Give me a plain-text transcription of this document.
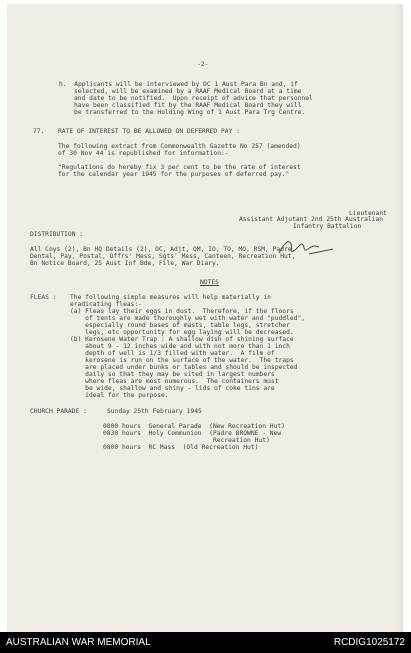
-2-
h.  Applicants will be interviewed by OC 1 Aust Para Bn and, if
selected, will be examined by a RAAF Medical Board at a time
and date to be notified.  Upon receipt of advice that personnel
have been classified fit by the RAAF Medical Board they will
be transferred to the Holding Wing of 1 Aust Para Trg Centre.
77. RATE OF INTEREST TO BE ALLOWED ON DEFERRED PAY :
The following extract from Commonwealth Gazette No 257 (amended)
of 30 Nov 44 is republished for information:-
"Regulations do hereby fix 3 per cent to be the rate of interest
for the calendar year 1945 for the purposes of deferred pay."
Lieutenant
Assistant Adjutant 2nd 25th Australian
Infantry Battalion
DISTRIBUTION :
All Coys (2), Bn HQ Details (2), OC, Adjt, QM, IO, TO, MO, RSM, Padre,
Dental, Pay, Postal, Offrs' Mess, Sgts' Mess, Canteen, Recreation Hut,
Bn Notice Board, 25 Aust Inf Bde, File, War Diary.
NOTES
FLEAS : The following simple measures will help materially in
eradicating fleas:-
(a) Fleas lay their eggs in dust.  Therefore, if the floors
of tents are made thoroughly wet with water and "puddled",
especially round bases of masts, table legs, stretcher
legs, etc opportunity for egg laying will be decreased.
(b) Kerosene Water Trap : A shallow dish of shining surface
about 9 - 12 inches wide and with not more than 1 inch
depth of well is 1/3 filled with water.  A film of
kerosene is run on the surface of the water.  The traps
are placed under bunks or tables and should be inspected
daily so that they may be sited in largest numbers
where fleas are most numerous.  The containers must
be wide, shallow and shiny - lids of coke tins are
ideal for the purpose.
CHURCH PARADE :	Sunday 25th February 1945
0800 hours  General Parade  (New Recreation Hut)
0830 hours  Holy Communion  (Padre BROWNE - New
Recreation Hut)
0800 hours  RC Mass  (Old Recreation Hut)
AUSTRALIAN WAR MEMORIAL	RCDIG1025172
